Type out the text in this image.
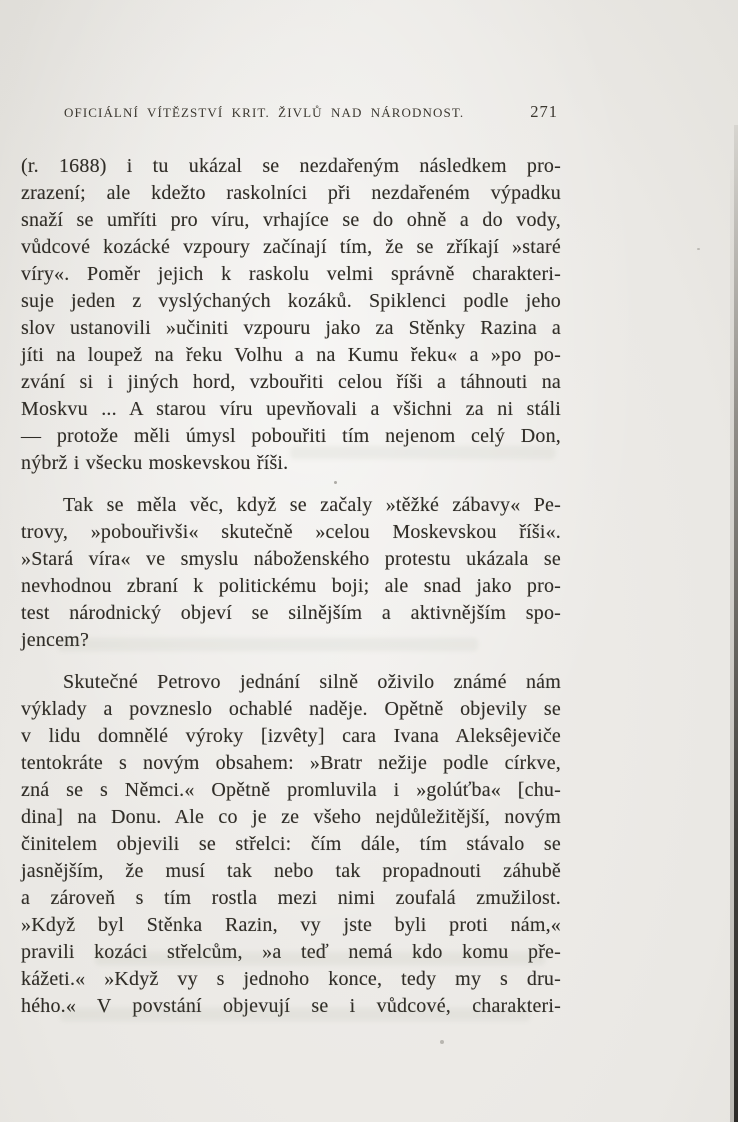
OFICIÁLNÍ VÍTĚZSTVÍ KRIT. ŽIVLŮ NAD NÁRODNOST.	271
(r. 1688) i tu ukázal se nezdařeným následkem pro-
zrazení; ale kdežto raskolníci při nezdařeném výpadku
snaží se umříti pro víru, vrhajíce se do ohně a do vody,
vůdcové kozácké vzpoury začínají tím, že se zříkají »staré
víry«. Poměr jejich k raskolu velmi správně charakteri-
suje jeden z vyslýchaných kozáků. Spiklenci podle jeho
slov ustanovili »učiniti vzpouru jako za Stěnky Razina a
jíti na loupež na řeku Volhu a na Kumu řeku« a »po po-
zvání si i jiných hord, vzbouřiti celou říši a táhnouti na
Moskvu ... A starou víru upevňovali a všichni za ni stáli
— protože měli úmysl pobouřiti tím nejenom celý Don,
nýbrž i všecku moskevskou říši.
Tak se měla věc, když se začaly »těžké zábavy« Pe-
trovy, »pobouřivši« skutečně »celou Moskevskou říši«.
»Stará víra« ve smyslu náboženského protestu ukázala se
nevhodnou zbraní k politickému boji; ale snad jako pro-
test národnický objeví se silnějším a aktivnějším spo-
jencem?
Skutečné Petrovo jednání silně oživilo známé nám
výklady a povzneslo ochablé naděje. Opětně objevily se
v lidu domnělé výroky [izvêty] cara Ivana Aleksêjeviče
tentokráte s novým obsahem: »Bratr nežije podle církve,
zná se s Němci.« Opětně promluvila i »golúťba« [chu-
dina] na Donu. Ale co je ze všeho nejdůležitější, novým
činitelem objevili se střelci: čím dále, tím stávalo se
jasnějším, že musí tak nebo tak propadnouti záhubě
a zároveň s tím rostla mezi nimi zoufalá zmužilost.
»Když byl Stěnka Razin, vy jste byli proti nám,«
pravili kozáci střelcům, »a teď nemá kdo komu pře-
kážeti.« »Když vy s jednoho konce, tedy my s dru-
hého.« V povstání objevují se i vůdcové, charakteri-
